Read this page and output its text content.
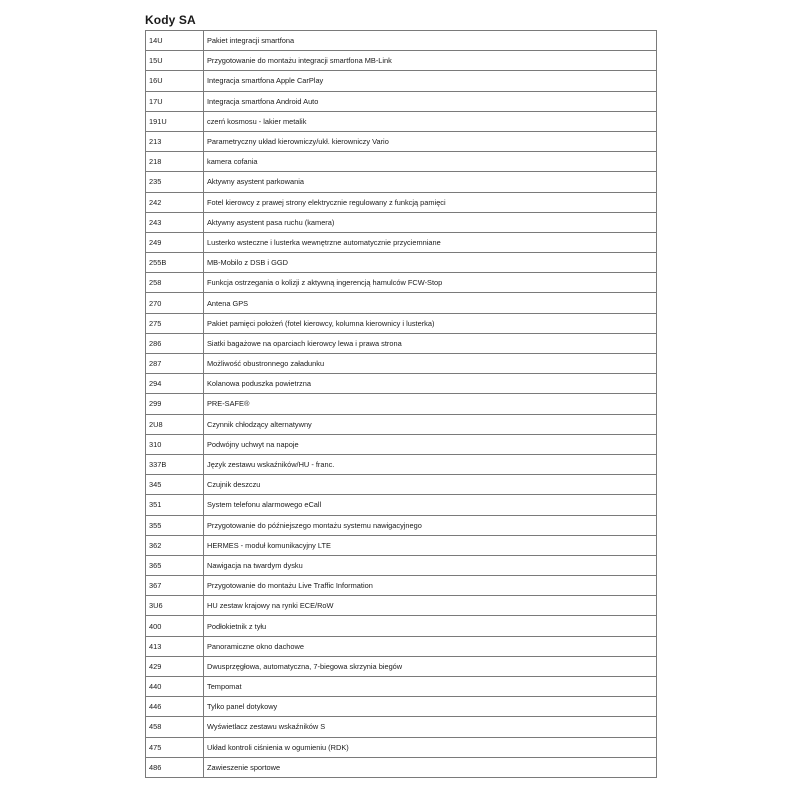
Kody SA
14U	Pakiet integracji smartfona
15U	Przygotowanie do montażu integracji smartfona MB-Link
16U	Integracja smartfona Apple CarPlay
17U	Integracja smartfona Android Auto
191U	czerń kosmosu - lakier metalik
213	Parametryczny układ kierowniczy/ukł. kierowniczy Vario
218	kamera cofania
235	Aktywny asystent parkowania
242	Fotel kierowcy z prawej strony elektrycznie regulowany z funkcją pamięci
243	Aktywny asystent pasa ruchu (kamera)
249	Lusterko wsteczne i lusterka wewnętrzne automatycznie przyciemniane
255B	MB-Mobilo z DSB i GGD
258	Funkcja ostrzegania o kolizji z aktywną ingerencją hamulców FCW-Stop
270	Antena GPS
275	Pakiet pamięci położeń (fotel kierowcy, kolumna kierownicy i lusterka)
286	Siatki bagażowe na oparciach kierowcy lewa i prawa strona
287	Możliwość obustronnego załadunku
294	Kolanowa poduszka powietrzna
299	PRE-SAFE®
2U8	Czynnik chłodzący alternatywny
310	Podwójny uchwyt na napoje
337B	Język zestawu wskaźników/HU - franc.
345	Czujnik deszczu
351	System telefonu alarmowego eCall
355	Przygotowanie do późniejszego montażu systemu nawigacyjnego
362	HERMES - moduł komunikacyjny LTE
365	Nawigacja na twardym dysku
367	Przygotowanie do montażu Live Traffic Information
3U6	HU zestaw krajowy na rynki ECE/RoW
400	Podłokietnik z tyłu
413	Panoramiczne okno dachowe
429	Dwusprzęgłowa, automatyczna, 7-biegowa skrzynia biegów
440	Tempomat
446	Tylko panel dotykowy
458	Wyświetlacz zestawu wskaźników S
475	Układ kontroli ciśnienia w ogumieniu (RDK)
486	Zawieszenie sportowe
